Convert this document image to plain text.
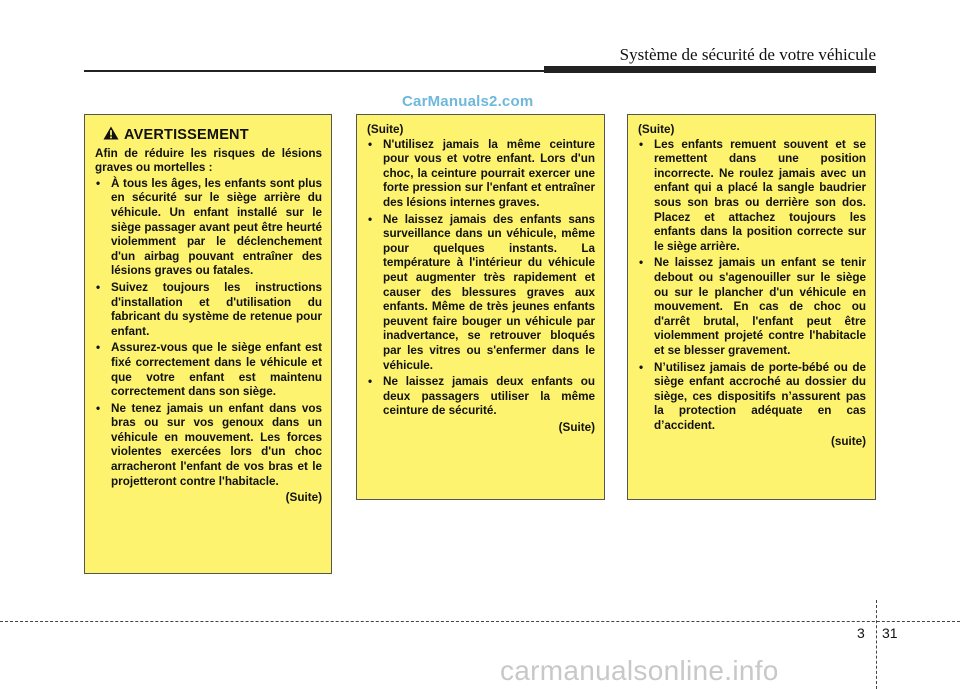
Système de sécurité de votre véhicule
CarManuals2.com
AVERTISSEMENT

Afin de réduire les risques de lésions graves ou mortelles :

• À tous les âges, les enfants sont plus en sécurité sur le siège arrière du véhicule. Un enfant installé sur le siège passager avant peut être heurté violemment par le déclenchement d'un airbag pouvant entraîner des lésions graves ou fatales.
• Suivez toujours les instructions d'installation et d'utilisation du fabricant du système de retenue pour enfant.
• Assurez-vous que le siège enfant est fixé correctement dans le véhicule et que votre enfant est maintenu correctement dans son siège.
• Ne tenez jamais un enfant dans vos bras ou sur vos genoux dans un véhicule en mouvement. Les forces violentes exercées lors d'un choc arracheront l'enfant de vos bras et le projetteront contre l'habitacle.

(Suite)

(Suite)

• N'utilisez jamais la même ceinture pour vous et votre enfant. Lors d'un choc, la ceinture pourrait exercer une forte pression sur l'enfant et entraîner des lésions internes graves.
• Ne laissez jamais des enfants sans surveillance dans un véhicule, même pour quelques instants. La température à l'intérieur du véhicule peut augmenter très rapidement et causer des blessures graves aux enfants. Même de très jeunes enfants peuvent faire bouger un véhicule par inadvertance, se retrouver bloqués par les vitres ou s'enfermer dans le véhicule.
• Ne laissez jamais deux enfants ou deux passagers utiliser la même ceinture de sécurité.

(Suite)

(Suite)

• Les enfants remuent souvent et se remettent dans une position incorrecte. Ne roulez jamais avec un enfant qui a placé la sangle baudrier sous son bras ou derrière son dos. Placez et attachez toujours les enfants dans la position correcte sur le siège arrière.
• Ne laissez jamais un enfant se tenir debout ou s'agenouiller sur le siège ou sur le plancher d'un véhicule en mouvement. En cas de choc ou d'arrêt brutal, l'enfant peut être violemment projeté contre l'habitacle et se blesser gravement.
• N’utilisez jamais de porte-bébé ou de siège enfant accroché au dossier du siège, ces dispositifs n’assurent pas la protection adéquate en cas d’accident.

(suite)

3 31
carmanualsonline.info
